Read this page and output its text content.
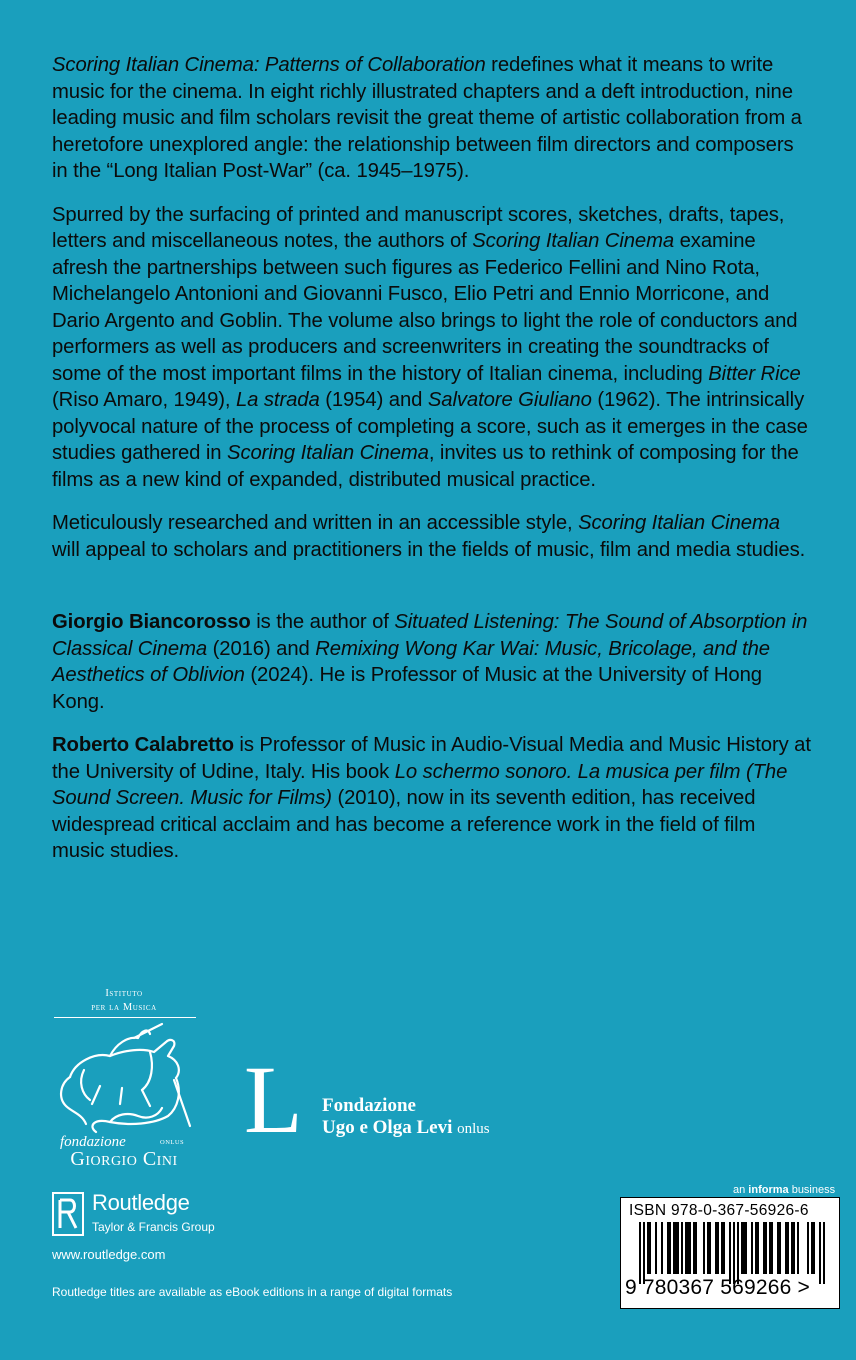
Scoring Italian Cinema: Patterns of Collaboration redefines what it means to write music for the cinema. In eight richly illustrated chapters and a deft introduction, nine leading music and film scholars revisit the great theme of artistic collaboration from a heretofore unexplored angle: the relationship between film directors and composers in the “Long Italian Post-War” (ca. 1945–1975).

Spurred by the surfacing of printed and manuscript scores, sketches, drafts, tapes, letters and miscellaneous notes, the authors of Scoring Italian Cinema examine afresh the partnerships between such figures as Federico Fellini and Nino Rota, Michelangelo Antonioni and Giovanni Fusco, Elio Petri and Ennio Morricone, and Dario Argento and Goblin. The volume also brings to light the role of conductors and performers as well as producers and screenwriters in creating the soundtracks of some of the most important films in the history of Italian cinema, including Bitter Rice (Riso Amaro, 1949), La strada (1954) and Salvatore Giuliano (1962). The intrinsically polyvocal nature of the process of completing a score, such as it emerges in the case studies gathered in Scoring Italian Cinema, invites us to rethink of composing for the films as a new kind of expanded, distributed musical practice.

Meticulously researched and written in an accessible style, Scoring Italian Cinema will appeal to scholars and practitioners in the fields of music, film and media studies.

Giorgio Biancorosso is the author of Situated Listening: The Sound of Absorption in Classical Cinema (2016) and Remixing Wong Kar Wai: Music, Bricolage, and the Aesthetics of Oblivion (2024). He is Professor of Music at the University of Hong Kong.

Roberto Calabretto is Professor of Music in Audio-Visual Media and Music History at the University of Udine, Italy. His book Lo schermo sonoro. La musica per film (The Sound Screen. Music for Films) (2010), now in its seventh edition, has received widespread critical acclaim and has become a reference work in the field of film music studies.

Istituto
per la Musica
fondazione	ONLUS
Giorgio Cini
L Fondazione
Ugo e Olga Levi onlus
Routledge
Taylor & Francis Group
www.routledge.com
Routledge titles are available as eBook editions in a range of digital formats
an informa business
ISBN 978-0-367-56926-6
9 780367 569266 >
